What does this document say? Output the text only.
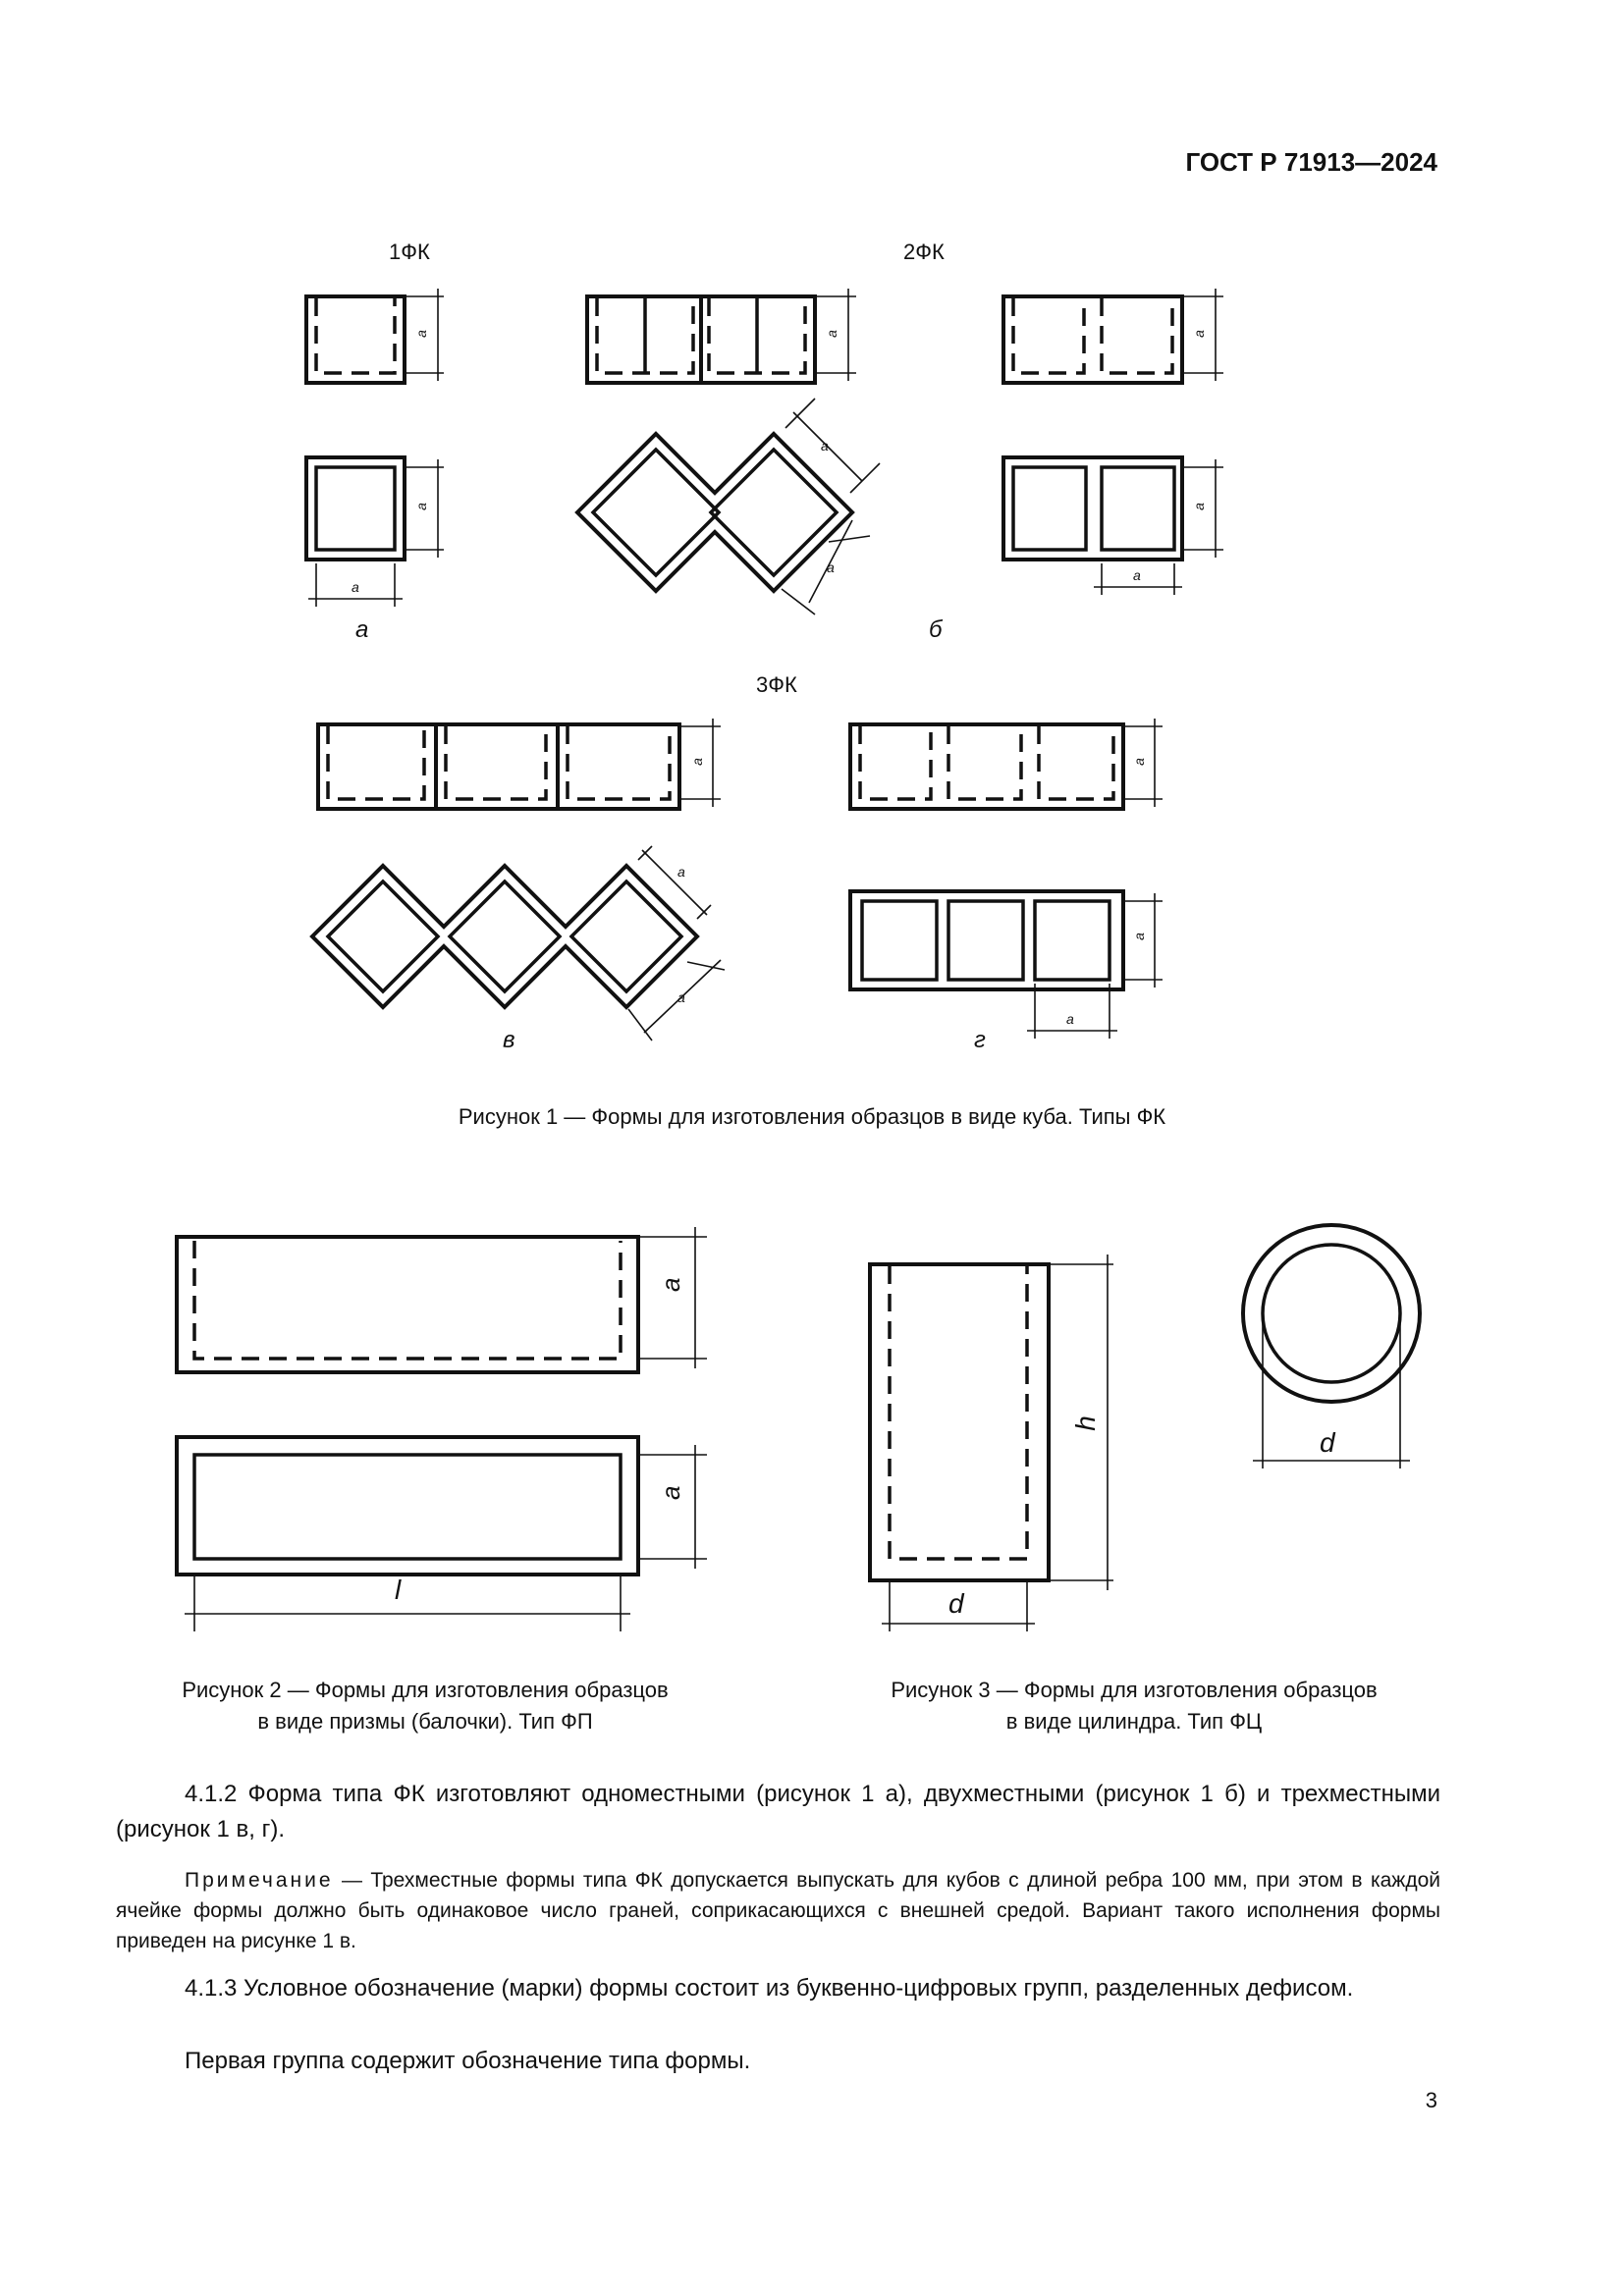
ГОСТ Р 71913—2024
1ФК	2ФК
3ФК
а
а
а
а	а
а
а
а
а
а	а
а
а
а
а
а	б
в	г
Рисунок 1 — Формы для изготовления образцов в виде куба. Типы ФК
a
a
l
h
d
d
Рисунок 2 — Формы для изготовления образцов
в виде призмы (балочки). Тип ФП
Рисунок 3 — Формы для изготовления образцов
в виде цилиндра. Тип ФЦ
4.1.2 Форма типа ФК изготовляют одноместными (рисунок 1 а), двухместными (рисунок 1 б) и трехместными (рисунок 1 в, г).
Примечание — Трехместные формы типа ФК допускается выпускать для кубов с длиной ребра 100 мм, при этом в каждой ячейке формы должно быть одинаковое число граней, соприкасающихся с внешней средой. Вариант такого исполнения формы приведен на рисунке 1 в.
4.1.3 Условное обозначение (марки) формы состоит из буквенно-цифровых групп, разделенных дефисом.
Первая группа содержит обозначение типа формы.
3
